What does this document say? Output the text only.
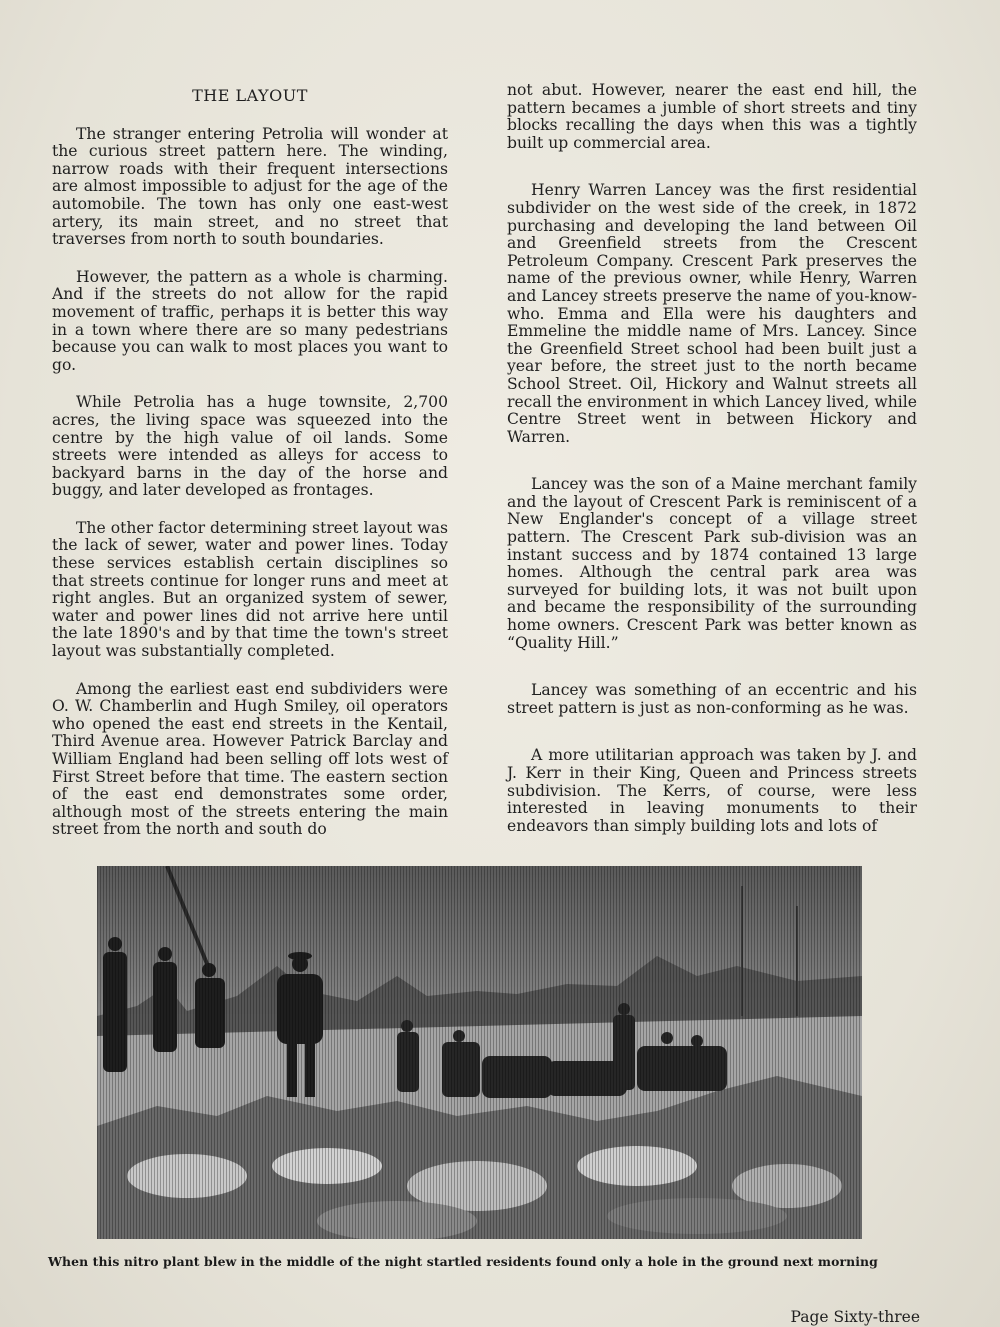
THE LAYOUT

The stranger entering Petrolia will wonder at the curious street pattern here. The winding, narrow roads with their frequent intersections are almost impossible to adjust for the age of the automobile. The town has only one east-west artery, its main street, and no street that traverses from north to south boundaries.

However, the pattern as a whole is charming. And if the streets do not allow for the rapid movement of traffic, perhaps it is better this way in a town where there are so many pedestrians because you can walk to most places you want to go.

While Petrolia has a huge townsite, 2,700 acres, the living space was squeezed into the centre by the high value of oil lands. Some streets were intended as alleys for access to backyard barns in the day of the horse and buggy, and later developed as frontages.

The other factor determining street layout was the lack of sewer, water and power lines. Today these services establish certain disciplines so that streets continue for longer runs and meet at right angles. But an organized system of sewer, water and power lines did not arrive here until the late 1890's and by that time the town's street layout was substantially completed.

Among the earliest east end subdividers were O. W. Chamberlin and Hugh Smiley, oil operators who opened the east end streets in the Kentail, Third Avenue area. However Patrick Barclay and William England had been selling off lots west of First Street before that time. The eastern section of the east end demonstrates some order, although most of the streets entering the main street from the north and south do

not abut. However, nearer the east end hill, the pattern becames a jumble of short streets and tiny blocks recalling the days when this was a tightly built up commercial area.

Henry Warren Lancey was the first residential subdivider on the west side of the creek, in 1872 purchasing and developing the land between Oil and Greenfield streets from the Crescent Petroleum Company. Crescent Park preserves the name of the previous owner, while Henry, Warren and Lancey streets preserve the name of you-know-who. Emma and Ella were his daughters and Emmeline the middle name of Mrs. Lancey. Since the Greenfield Street school had been built just a year before, the street just to the north became School Street. Oil, Hickory and Walnut streets all recall the environment in which Lancey lived, while Centre Street went in between Hickory and Warren.

Lancey was the son of a Maine merchant family and the layout of Crescent Park is reminiscent of a New Englander's concept of a village street pattern. The Crescent Park sub-division was an instant success and by 1874 contained 13 large homes. Although the central park area was surveyed for building lots, it was not built upon and became the responsibility of the surrounding home owners. Crescent Park was better known as “Quality Hill.”

Lancey was something of an eccentric and his street pattern is just as non-conforming as he was.

A more utilitarian approach was taken by J. and J. Kerr in their King, Queen and Princess streets subdivision. The Kerrs, of course, were less interested in leaving monuments to their endeavors than simply building lots and lots of

When this nitro plant blew in the middle of the night startled residents found only a hole in the ground next morning
Page Sixty-three
